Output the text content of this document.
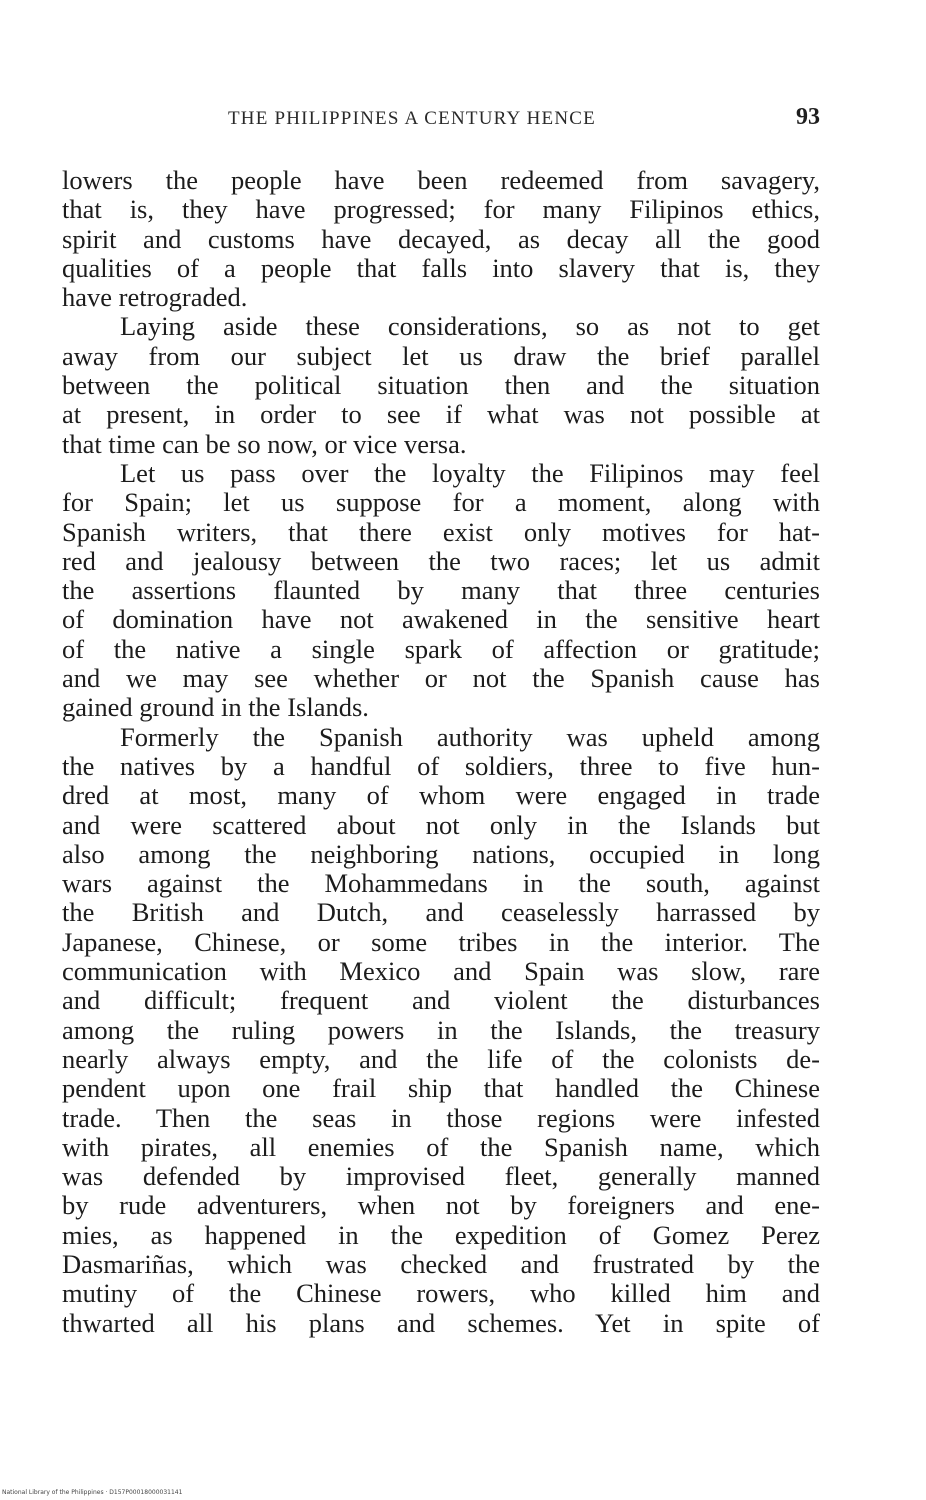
THE PHILIPPINES A CENTURY HENCE	93
lowers the people have been redeemed from savagery,
that is, they have progressed; for many Filipinos ethics,
spirit and customs have decayed, as decay all the good
qualities of a people that falls into slavery that is, they
have retrograded.
Laying aside these considerations, so as not to get
away from our subject let us draw the brief parallel
between the political situation then and the situation
at present, in order to see if what was not possible at
that time can be so now, or vice versa.
Let us pass over the loyalty the Filipinos may feel
for Spain; let us suppose for a moment, along with
Spanish writers, that there exist only motives for hat-
red and jealousy between the two races; let us admit
the assertions flaunted by many that three centuries
of domination have not awakened in the sensitive heart
of the native a single spark of affection or gratitude;
and we may see whether or not the Spanish cause has
gained ground in the Islands.
Formerly the Spanish authority was upheld among
the natives by a handful of soldiers, three to five hun-
dred at most, many of whom were engaged in trade
and were scattered about not only in the Islands but
also among the neighboring nations, occupied in long
wars against the Mohammedans in the south, against
the British and Dutch, and ceaselessly harrassed by
Japanese, Chinese, or some tribes in the interior. The
communication with Mexico and Spain was slow, rare
and difficult; frequent and violent the disturbances
among the ruling powers in the Islands, the treasury
nearly always empty, and the life of the colonists de-
pendent upon one frail ship that handled the Chinese
trade. Then the seas in those regions were infested
with pirates, all enemies of the Spanish name, which
was defended by improvised fleet, generally manned
by rude adventurers, when not by foreigners and ene-
mies, as happened in the expedition of Gomez Perez
Dasmariñas, which was checked and frustrated by the
mutiny of the Chinese rowers, who killed him and
thwarted all his plans and schemes. Yet in spite of
National Library of the Philippines · D157P00018000031141
